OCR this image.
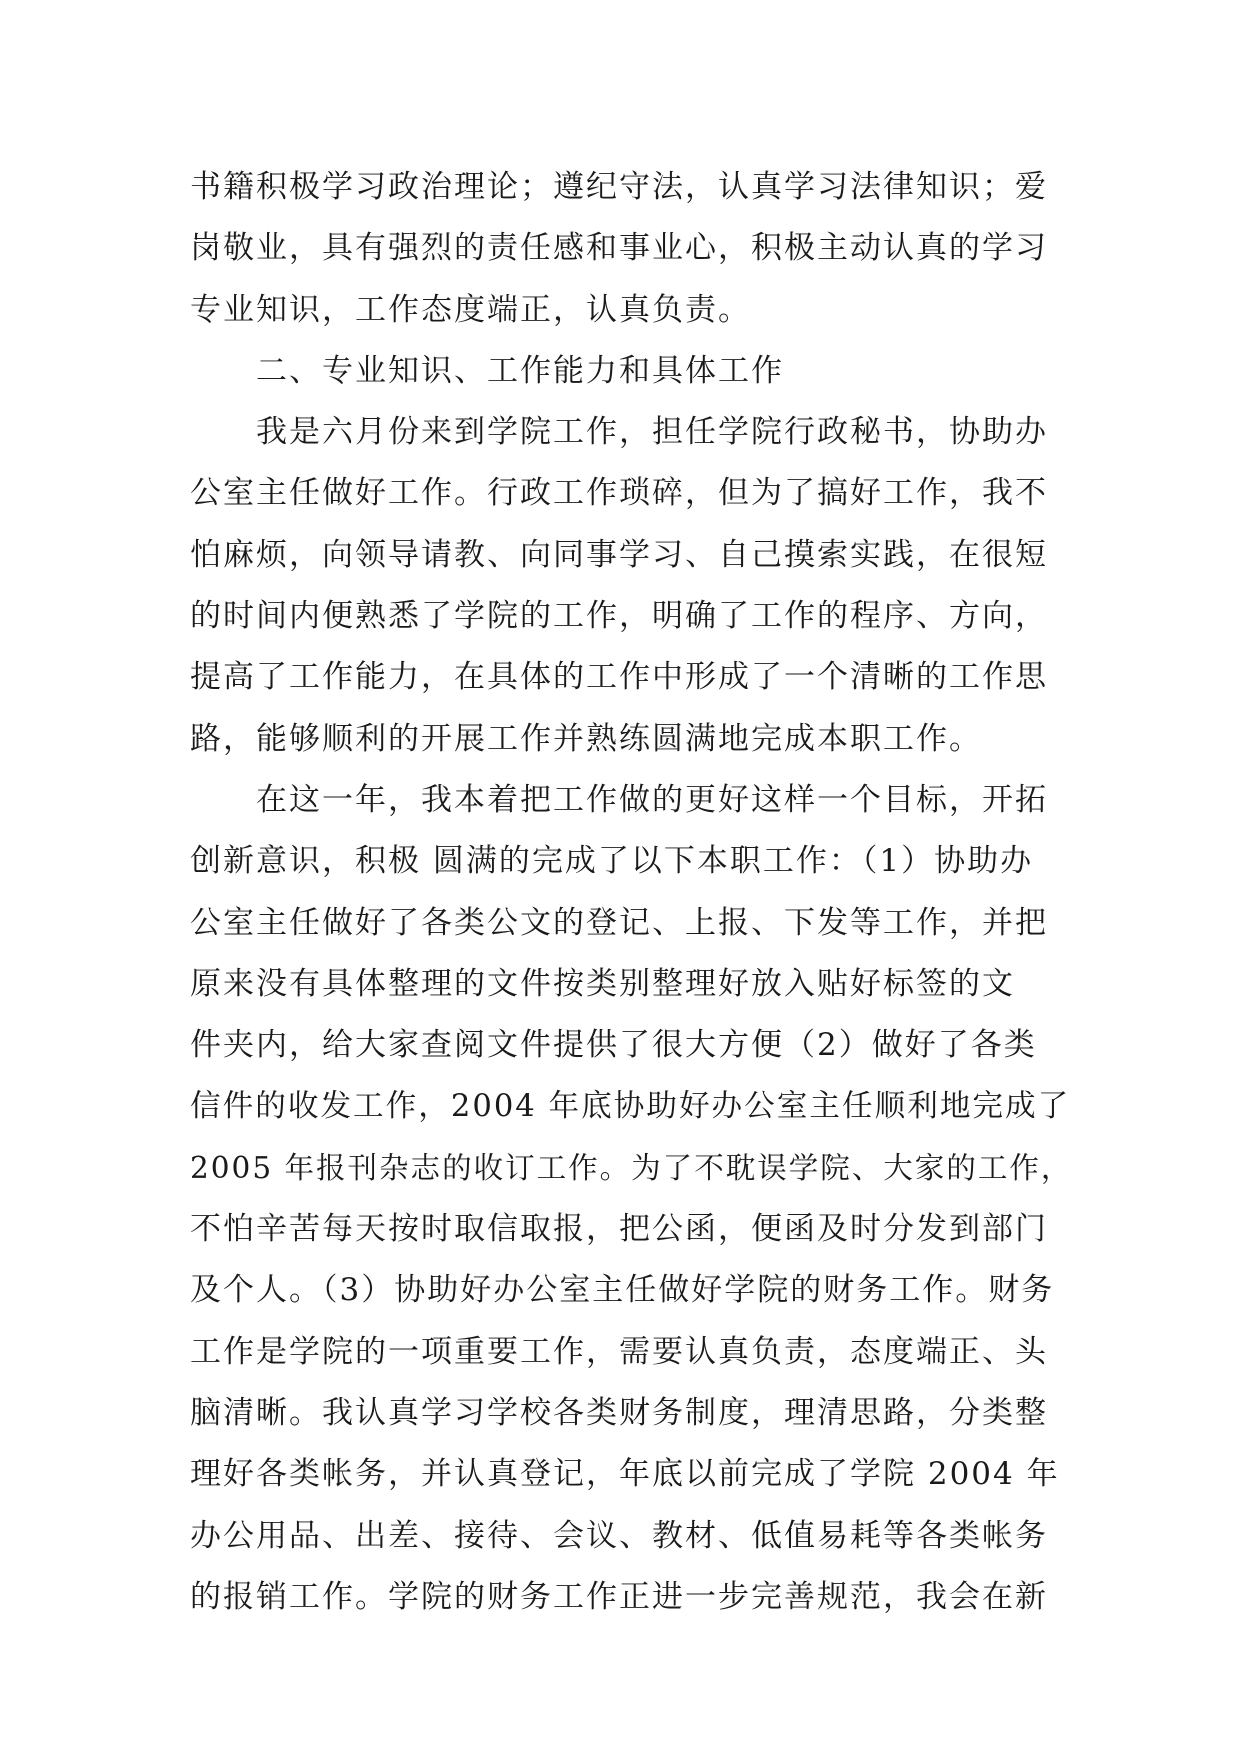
书籍积极学习政治理论；遵纪守法，认真学习法律知识；爱
岗敬业，具有强烈的责任感和事业心，积极主动认真的学习
专业知识，工作态度端正，认真负责。
二、专业知识、工作能力和具体工作
我是六月份来到学院工作，担任学院行政秘书，协助办
公室主任做好工作。行政工作琐碎，但为了搞好工作，我不
怕麻烦，向领导请教、向同事学习、自己摸索实践，在很短
的时间内便熟悉了学院的工作，明确了工作的程序、方向，
提高了工作能力，在具体的工作中形成了一个清晰的工作思
路，能够顺利的开展工作并熟练圆满地完成本职工作。
在这一年，我本着把工作做的更好这样一个目标，开拓
创新意识，积极 圆满的完成了以下本职工作：（1）协助办
公室主任做好了各类公文的登记、上报、下发等工作，并把
原来没有具体整理的文件按类别整理好放入贴好标签的文
件夹内，给大家查阅文件提供了很大方便（2）做好了各类
信件的收发工作，2004 年底协助好办公室主任顺利地完成了
2005 年报刊杂志的收订工作。为了不耽误学院、大家的工作，
不怕辛苦每天按时取信取报，把公函，便函及时分发到部门
及个人。（3）协助好办公室主任做好学院的财务工作。财务
工作是学院的一项重要工作，需要认真负责，态度端正、头
脑清晰。我认真学习学校各类财务制度，理清思路，分类整
理好各类帐务，并认真登记，年底以前完成了学院 2004 年
办公用品、出差、接待、会议、教材、低值易耗等各类帐务
的报销工作。学院的财务工作正进一步完善规范，我会在新
